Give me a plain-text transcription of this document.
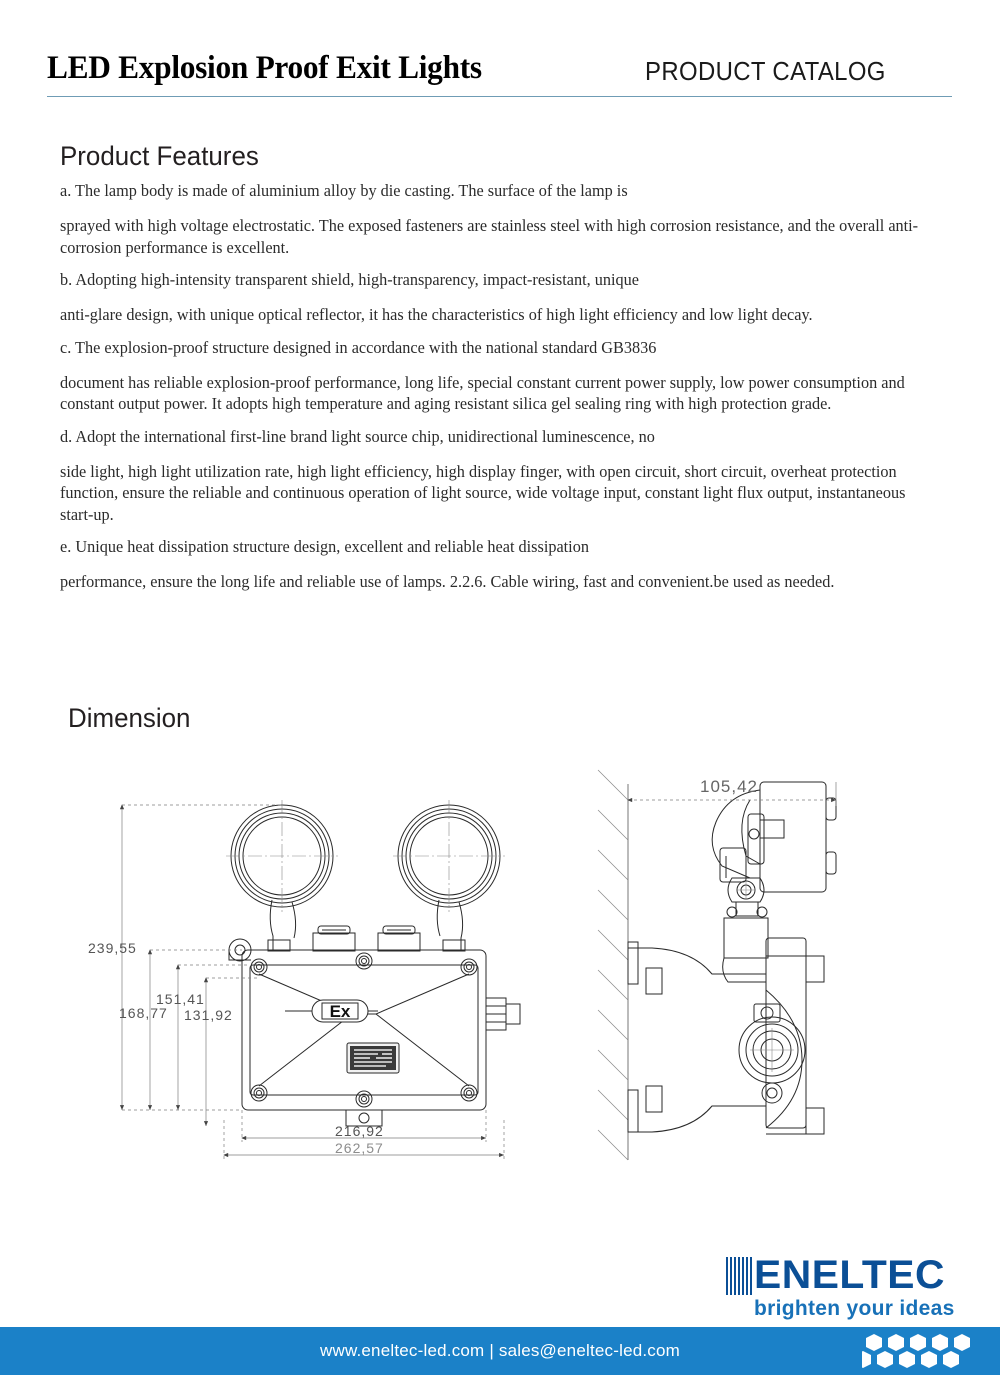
LED Explosion Proof Exit Lights	PRODUCT CATALOG
Product Features

a. The lamp body is made of aluminium alloy by die casting. The surface of the lamp is

sprayed with high voltage electrostatic. The exposed fasteners are stainless steel with high corrosion resistance, and the overall anti-corrosion performance is excellent.

b. Adopting high-intensity transparent shield, high-transparency, impact-resistant, unique

anti-glare design, with unique optical reflector, it has the characteristics of high light efficiency and low light decay.

c. The explosion-proof structure designed in accordance with the national standard GB3836

document has reliable explosion-proof performance, long life, special constant current power supply, low power consumption and constant output power. It adopts high temperature and aging resistant silica gel sealing ring with high protection grade.

d. Adopt the international first-line brand light source chip, unidirectional luminescence, no

side light, high light utilization rate, high light efficiency, high display finger, with open circuit, short circuit, overheat protection function, ensure the reliable and continuous operation of light source, wide voltage input, constant light flux output, instantaneous start-up.

e. Unique heat dissipation structure design, excellent and reliable heat dissipation

performance, ensure the long life and reliable use of lamps. 2.2.6. Cable wiring, fast and convenient.be used as needed.

Dimension
Ex
239,55
168,77
151,41
131,92
216,92
262,57
105,42
ENELTEC
brighten your ideas
www.eneltec-led.com | sales@eneltec-led.com
